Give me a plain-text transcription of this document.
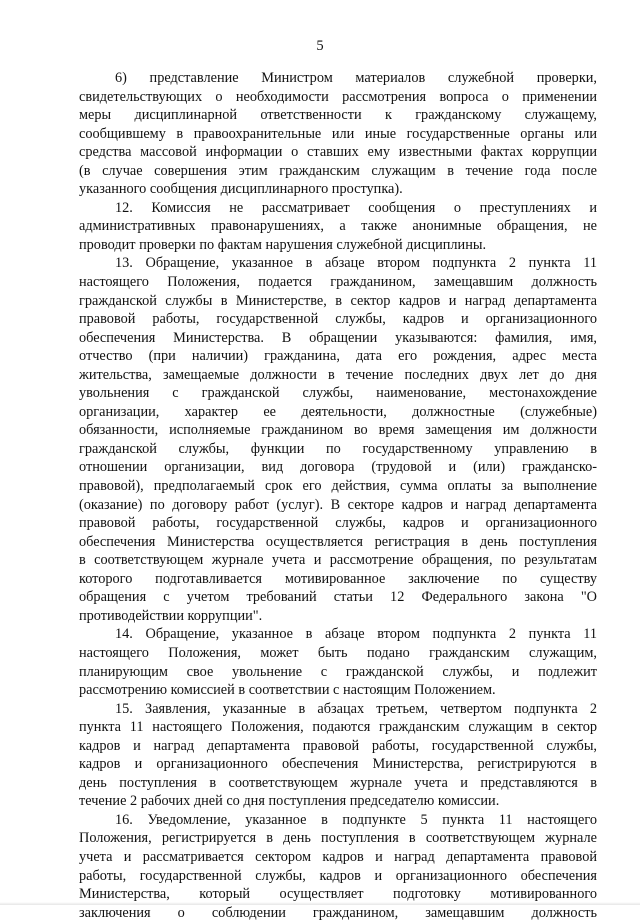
5
6) представление Министром материалов служебной проверки,
свидетельствующих о необходимости рассмотрения вопроса о применении
меры дисциплинарной ответственности к гражданскому служащему,
сообщившему в правоохранительные или иные государственные органы или
средства массовой информации о ставших ему известными фактах коррупции
(в случае совершения этим гражданским служащим в течение года после
указанного сообщения дисциплинарного проступка).
12. Комиссия не рассматривает сообщения о преступлениях и
административных правонарушениях, а также анонимные обращения, не
проводит проверки по фактам нарушения служебной дисциплины.
13. Обращение, указанное в абзаце втором подпункта 2 пункта 11
настоящего Положения, подается гражданином, замещавшим должность
гражданской службы в Министерстве, в сектор кадров и наград департамента
правовой работы, государственной службы, кадров и организационного
обеспечения Министерства. В обращении указываются: фамилия, имя,
отчество (при наличии) гражданина, дата его рождения, адрес места
жительства, замещаемые должности в течение последних двух лет до дня
увольнения с гражданской службы, наименование, местонахождение
организации, характер ее деятельности, должностные (служебные)
обязанности, исполняемые гражданином во время замещения им должности
гражданской службы, функции по государственному управлению в
отношении организации, вид договора (трудовой и (или) гражданско-
правовой), предполагаемый срок его действия, сумма оплаты за выполнение
(оказание) по договору работ (услуг). В секторе кадров и наград департамента
правовой работы, государственной службы, кадров и организационного
обеспечения Министерства осуществляется регистрация в день поступления
в соответствующем журнале учета и рассмотрение обращения, по результатам
которого подготавливается мотивированное заключение по существу
обращения с учетом требований статьи 12 Федерального закона "О
противодействии коррупции".
14. Обращение, указанное в абзаце втором подпункта 2 пункта 11
настоящего Положения, может быть подано гражданским служащим,
планирующим свое увольнение с гражданской службы, и подлежит
рассмотрению комиссией в соответствии с настоящим Положением.
15. Заявления, указанные в абзацах третьем, четвертом подпункта 2
пункта 11 настоящего Положения, подаются гражданским служащим в сектор
кадров и наград департамента правовой работы, государственной службы,
кадров и организационного обеспечения Министерства, регистрируются в
день поступления в соответствующем журнале учета и представляются в
течение 2 рабочих дней со дня поступления председателю комиссии.
16. Уведомление, указанное в подпункте 5 пункта 11 настоящего
Положения, регистрируется в день поступления в соответствующем журнале
учета и рассматривается сектором кадров и наград департамента правовой
работы, государственной службы, кадров и организационного обеспечения
Министерства, который осуществляет подготовку мотивированного
заключения о соблюдении гражданином, замещавшим должность
